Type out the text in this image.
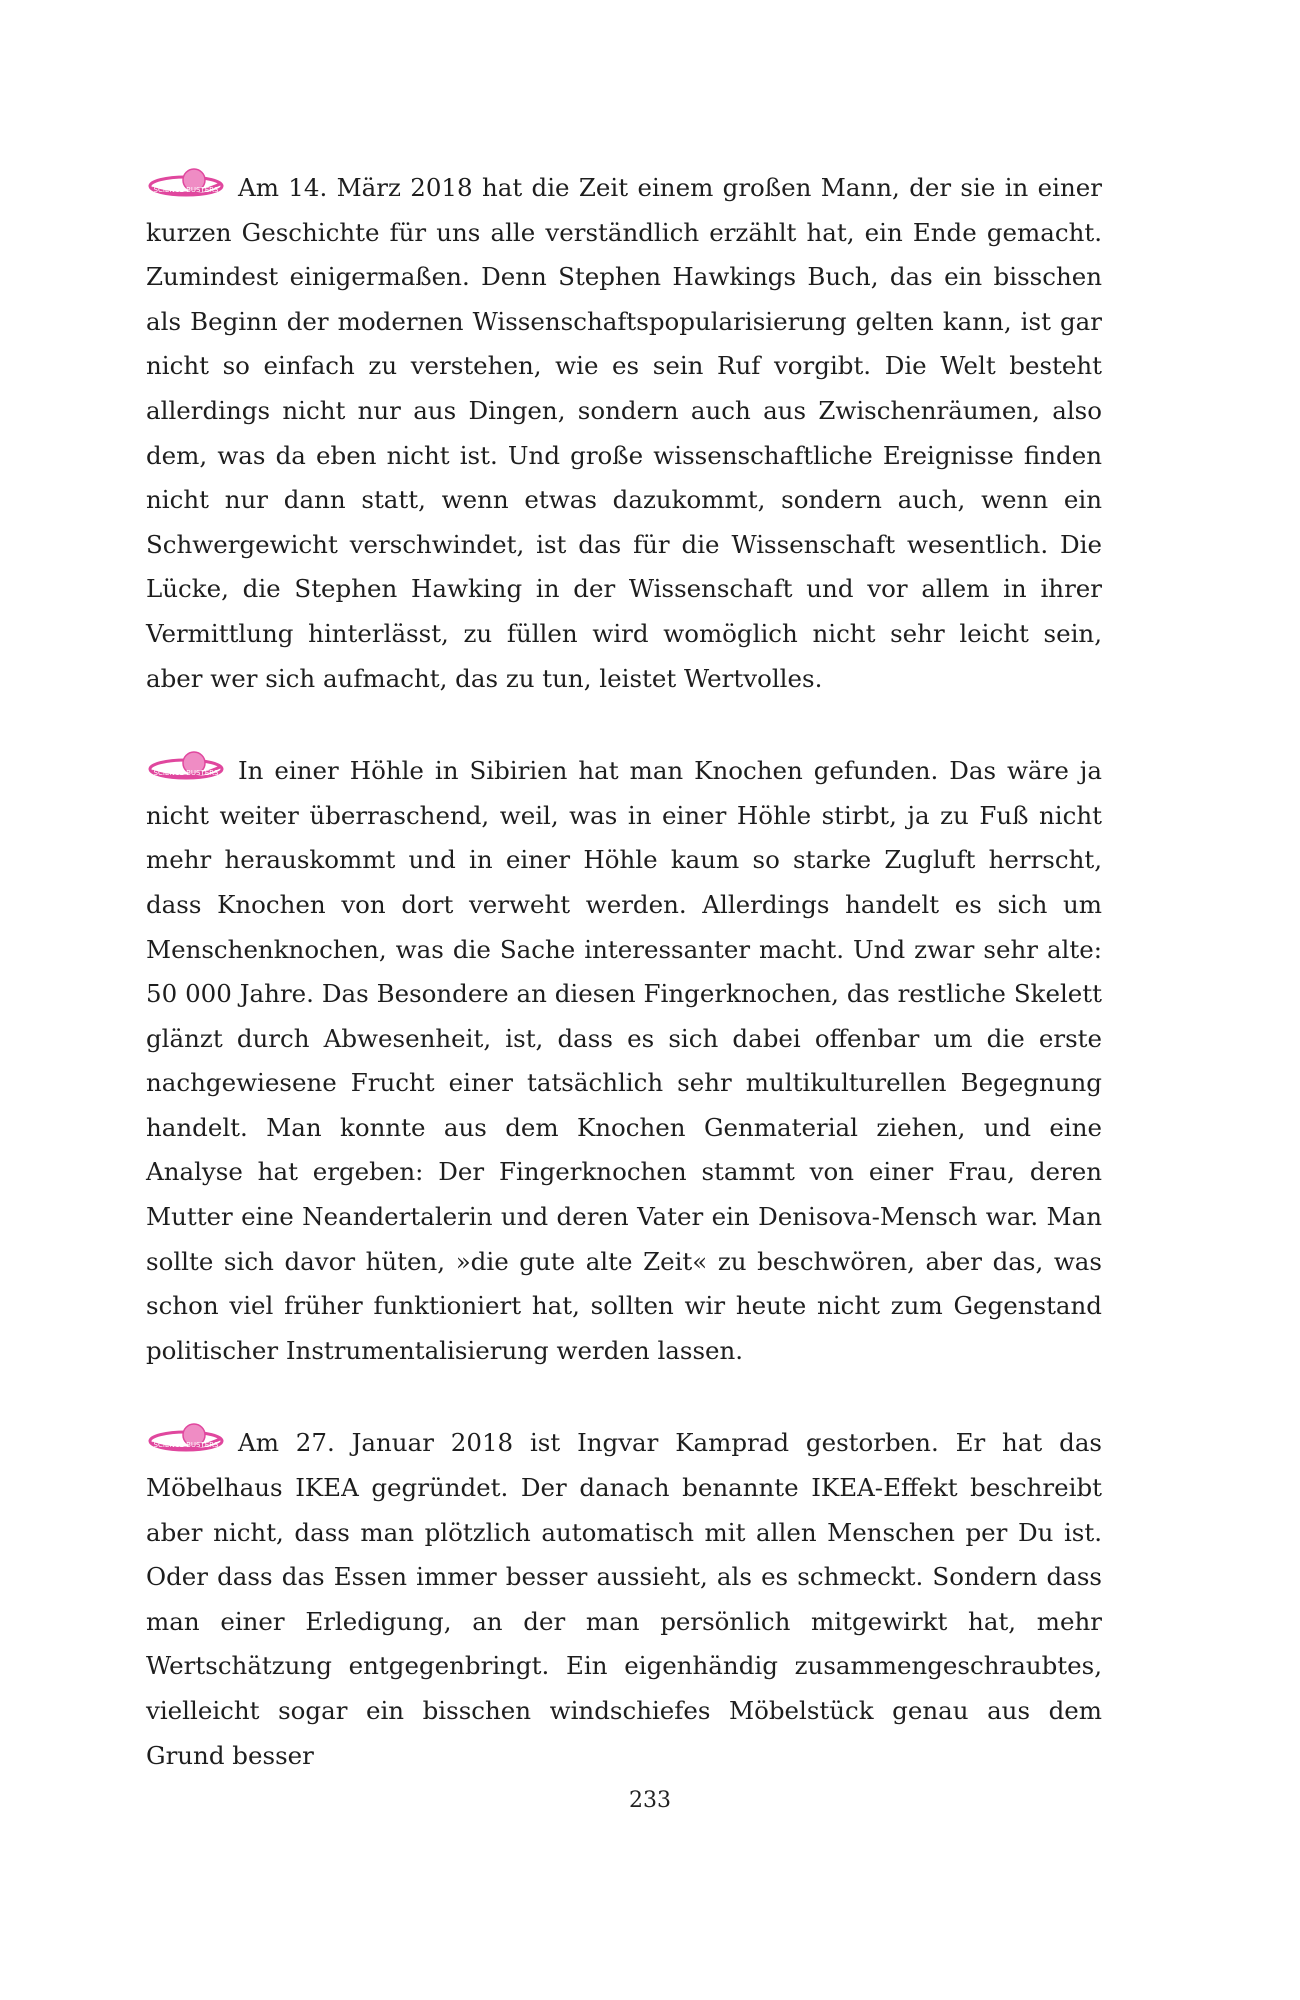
SCIENCE BUSTERS Am 14. März 2018 hat die Zeit einem großen Mann, der sie in einer kurzen Geschichte für uns alle verständlich erzählt hat, ein Ende gemacht. Zumindest einigermaßen. Denn Stephen Hawkings Buch, das ein bisschen als Beginn der modernen Wissenschaftspopularisierung gelten kann, ist gar nicht so einfach zu verstehen, wie es sein Ruf vorgibt. Die Welt besteht allerdings nicht nur aus Dingen, sondern auch aus Zwischenräumen, also dem, was da eben nicht ist. Und große wissenschaftliche Ereignisse finden nicht nur dann statt, wenn etwas dazukommt, sondern auch, wenn ein Schwergewicht verschwindet, ist das für die Wissenschaft wesentlich. Die Lücke, die Stephen Hawking in der Wissenschaft und vor allem in ihrer Vermittlung hinterlässt, zu füllen wird womöglich nicht sehr leicht sein, aber wer sich aufmacht, das zu tun, leistet Wertvolles.

SCIENCE BUSTERS In einer Höhle in Sibirien hat man Knochen gefunden. Das wäre ja nicht weiter überraschend, weil, was in einer Höhle stirbt, ja zu Fuß nicht mehr herauskommt und in einer Höhle kaum so starke Zugluft herrscht, dass Knochen von dort verweht werden. Allerdings handelt es sich um Menschenknochen, was die Sache interessanter macht. Und zwar sehr alte: 50 000 Jahre. Das Besondere an diesen Fingerknochen, das restliche Skelett glänzt durch Abwesenheit, ist, dass es sich dabei offenbar um die erste nachgewiesene Frucht einer tatsächlich sehr multikulturellen Begegnung handelt. Man konnte aus dem Knochen Genmaterial ziehen, und eine Analyse hat ergeben: Der Fingerknochen stammt von einer Frau, deren Mutter eine Neandertalerin und deren Vater ein Denisova-Mensch war. Man sollte sich davor hüten, »die gute alte Zeit« zu beschwören, aber das, was schon viel früher funktioniert hat, sollten wir heute nicht zum Gegenstand politischer Instrumentalisierung werden lassen.

SCIENCE BUSTERS Am 27. Januar 2018 ist Ingvar Kamprad gestorben. Er hat das Möbelhaus IKEA gegründet. Der danach benannte IKEA-Effekt beschreibt aber nicht, dass man plötzlich automatisch mit allen Menschen per Du ist. Oder dass das Essen immer besser aussieht, als es schmeckt. Sondern dass man einer Erledigung, an der man persönlich mitgewirkt hat, mehr Wertschätzung entgegenbringt. Ein eigenhändig zusammengeschraubtes, vielleicht sogar ein bisschen windschiefes Möbelstück genau aus dem Grund besser

233
